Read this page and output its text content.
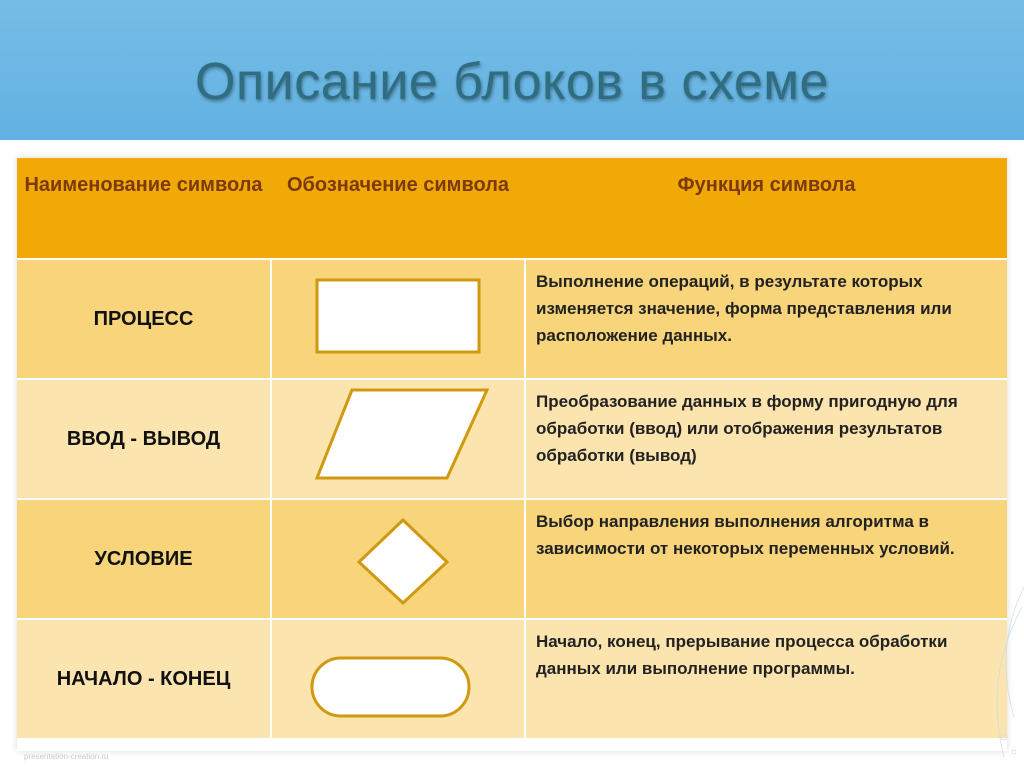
Описание блоков в схеме
Наименование символа	Обозначение символа	Функция символа
ПРОЦЕСС
Выполнение операций, в результате которых изменяется значение, форма представления или расположение данных.
ВВОД - ВЫВОД
Преобразование данных в форму пригодную для обработки (ввод) или отображения результатов обработки (вывод)
УСЛОВИЕ
Выбор направления выполнения алгоритма в зависимости от некоторых переменных условий.
НАЧАЛО - КОНЕЦ
Начало, конец, прерывание процесса обработки данных или выполнение программы.
presentation-creation.ru
